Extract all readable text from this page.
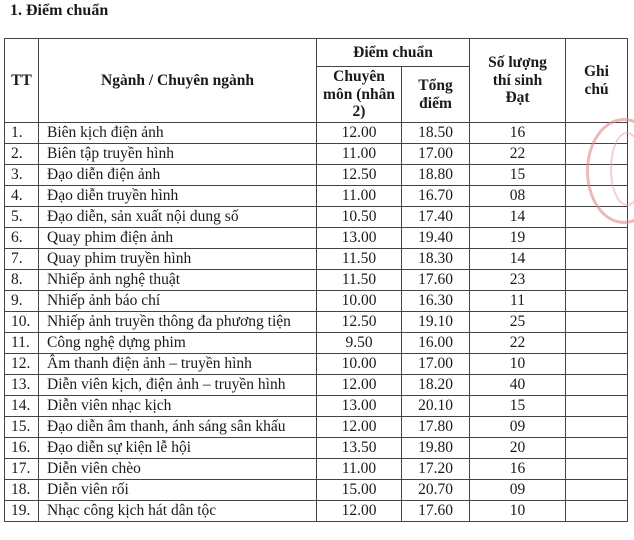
1. Điểm chuẩn
TT	Ngành / Chuyên ngành	Điểm chuẩn		Số lượng thí sinh Đạt	Ghi chú
		Chuyên môn (nhân 2)	Tổng điểm		
1.	Biên kịch điện ảnh	12.00	18.50	16	
2.	Biên tập truyền hình	11.00	17.00	22	
3.	Đạo diễn điện ảnh	12.50	18.80	15	
4.	Đạo diễn truyền hình	11.00	16.70	08	
5.	Đạo diễn, sản xuất nội dung số	10.50	17.40	14	
6.	Quay phim điện ảnh	13.00	19.40	19	
7.	Quay phim truyền hình	11.50	18.30	14	
8.	Nhiếp ảnh nghệ thuật	11.50	17.60	23	
9.	Nhiếp ảnh báo chí	10.00	16.30	11	
10.	Nhiếp ảnh truyền thông đa phương tiện	12.50	19.10	25	
11.	Công nghệ dựng phim	9.50	16.00	22	
12.	Âm thanh điện ảnh – truyền hình	10.00	17.00	10	
13.	Diễn viên kịch, điện ảnh – truyền hình	12.00	18.20	40	
14.	Diễn viên nhạc kịch	13.00	20.10	15	
15.	Đạo diễn âm thanh, ánh sáng sân khấu	12.00	17.80	09	
16.	Đạo diễn sự kiện lễ hội	13.50	19.80	20	
17.	Diễn viên chèo	11.00	17.20	16	
18.	Diễn viên rối	15.00	20.70	09	
19.	Nhạc công kịch hát dân tộc	12.00	17.60	10	
